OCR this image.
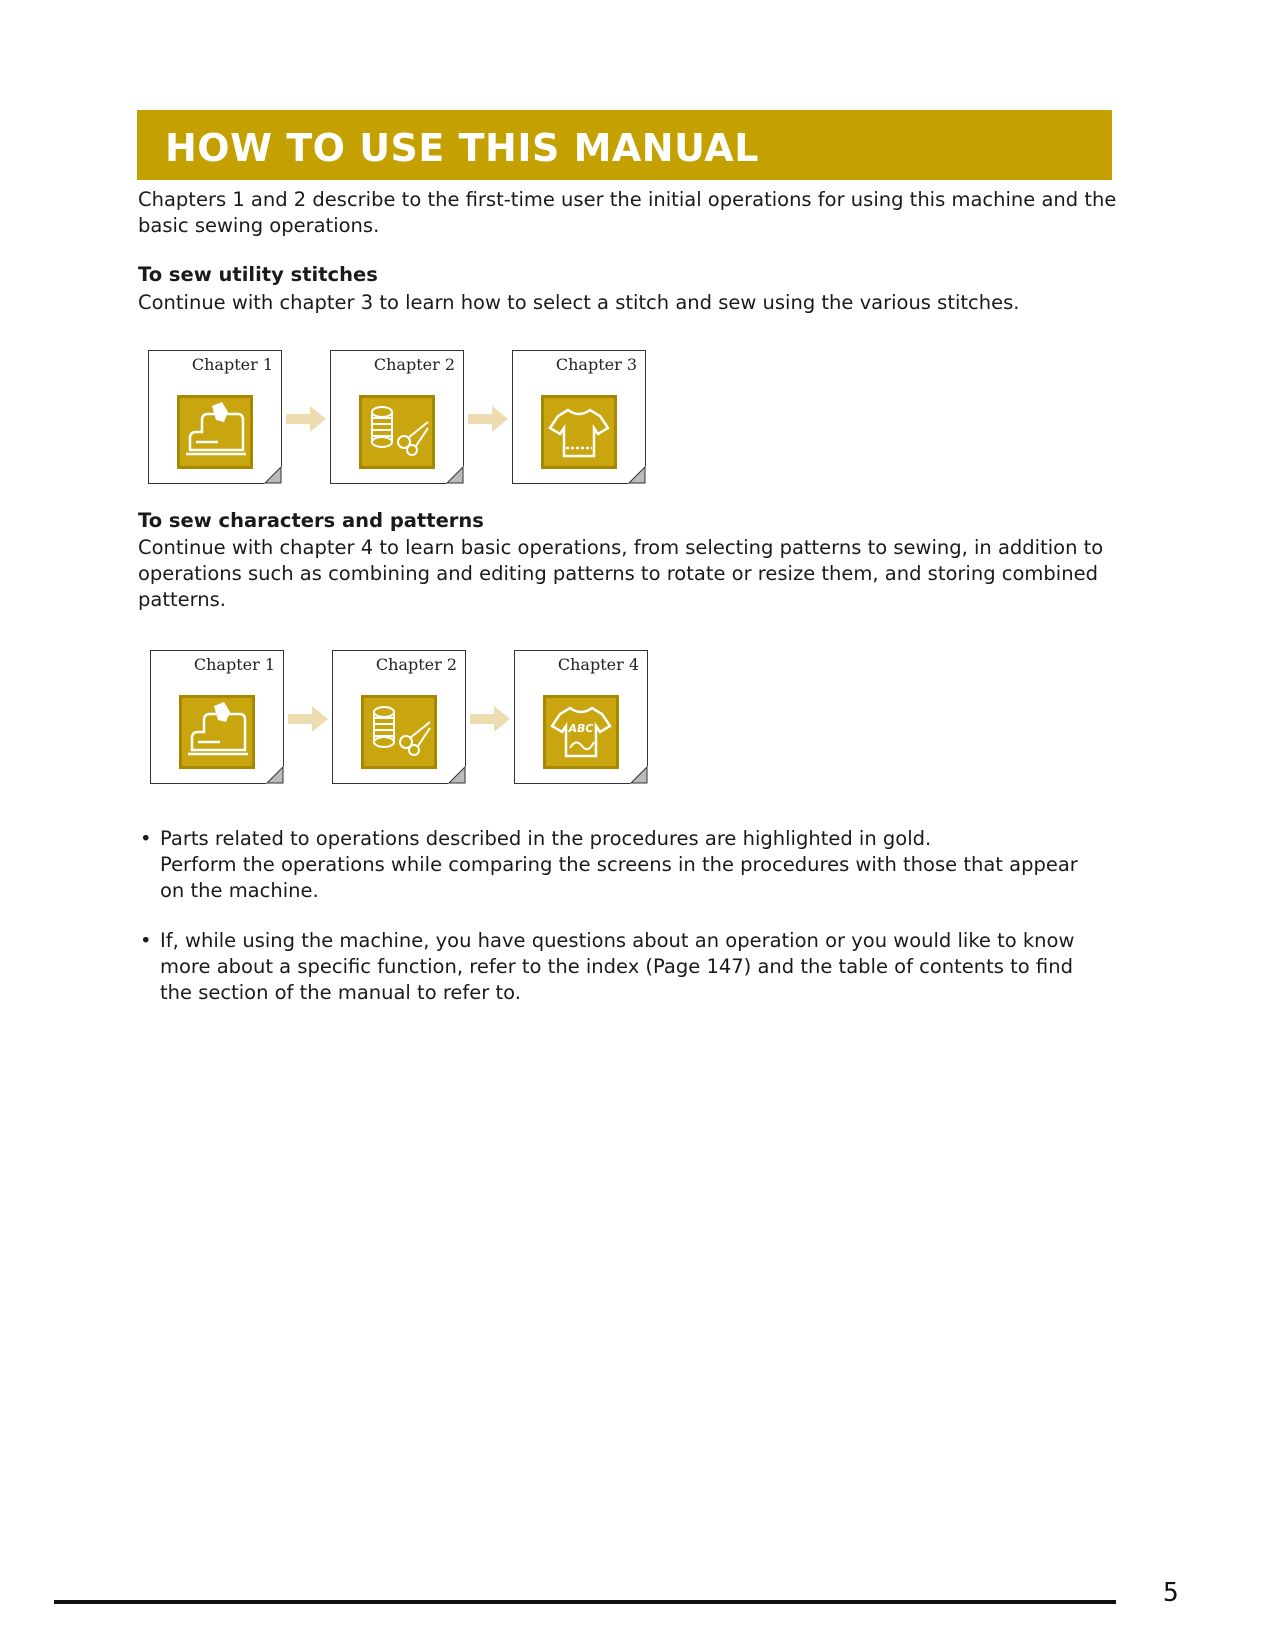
HOW TO USE THIS MANUAL
Chapters 1 and 2 describe to the first-time user the initial operations for using this machine and the basic sewing operations.
To sew utility stitches
Continue with chapter 3 to learn how to select a stitch and sew using the various stitches.
Chapter 1	Chapter 2	Chapter 3
To sew characters and patterns
Continue with chapter 4 to learn basic operations, from selecting patterns to sewing, in addition to operations such as combining and editing patterns to rotate or resize them, and storing combined patterns.
Chapter 1	Chapter 2	Chapter 4
ABC
• Parts related to operations described in the procedures are highlighted in gold.
Perform the operations while comparing the screens in the procedures with those that appear on the machine.
• If, while using the machine, you have questions about an operation or you would like to know more about a specific function, refer to the index (Page 147) and the table of contents to find the section of the manual to refer to.
5
